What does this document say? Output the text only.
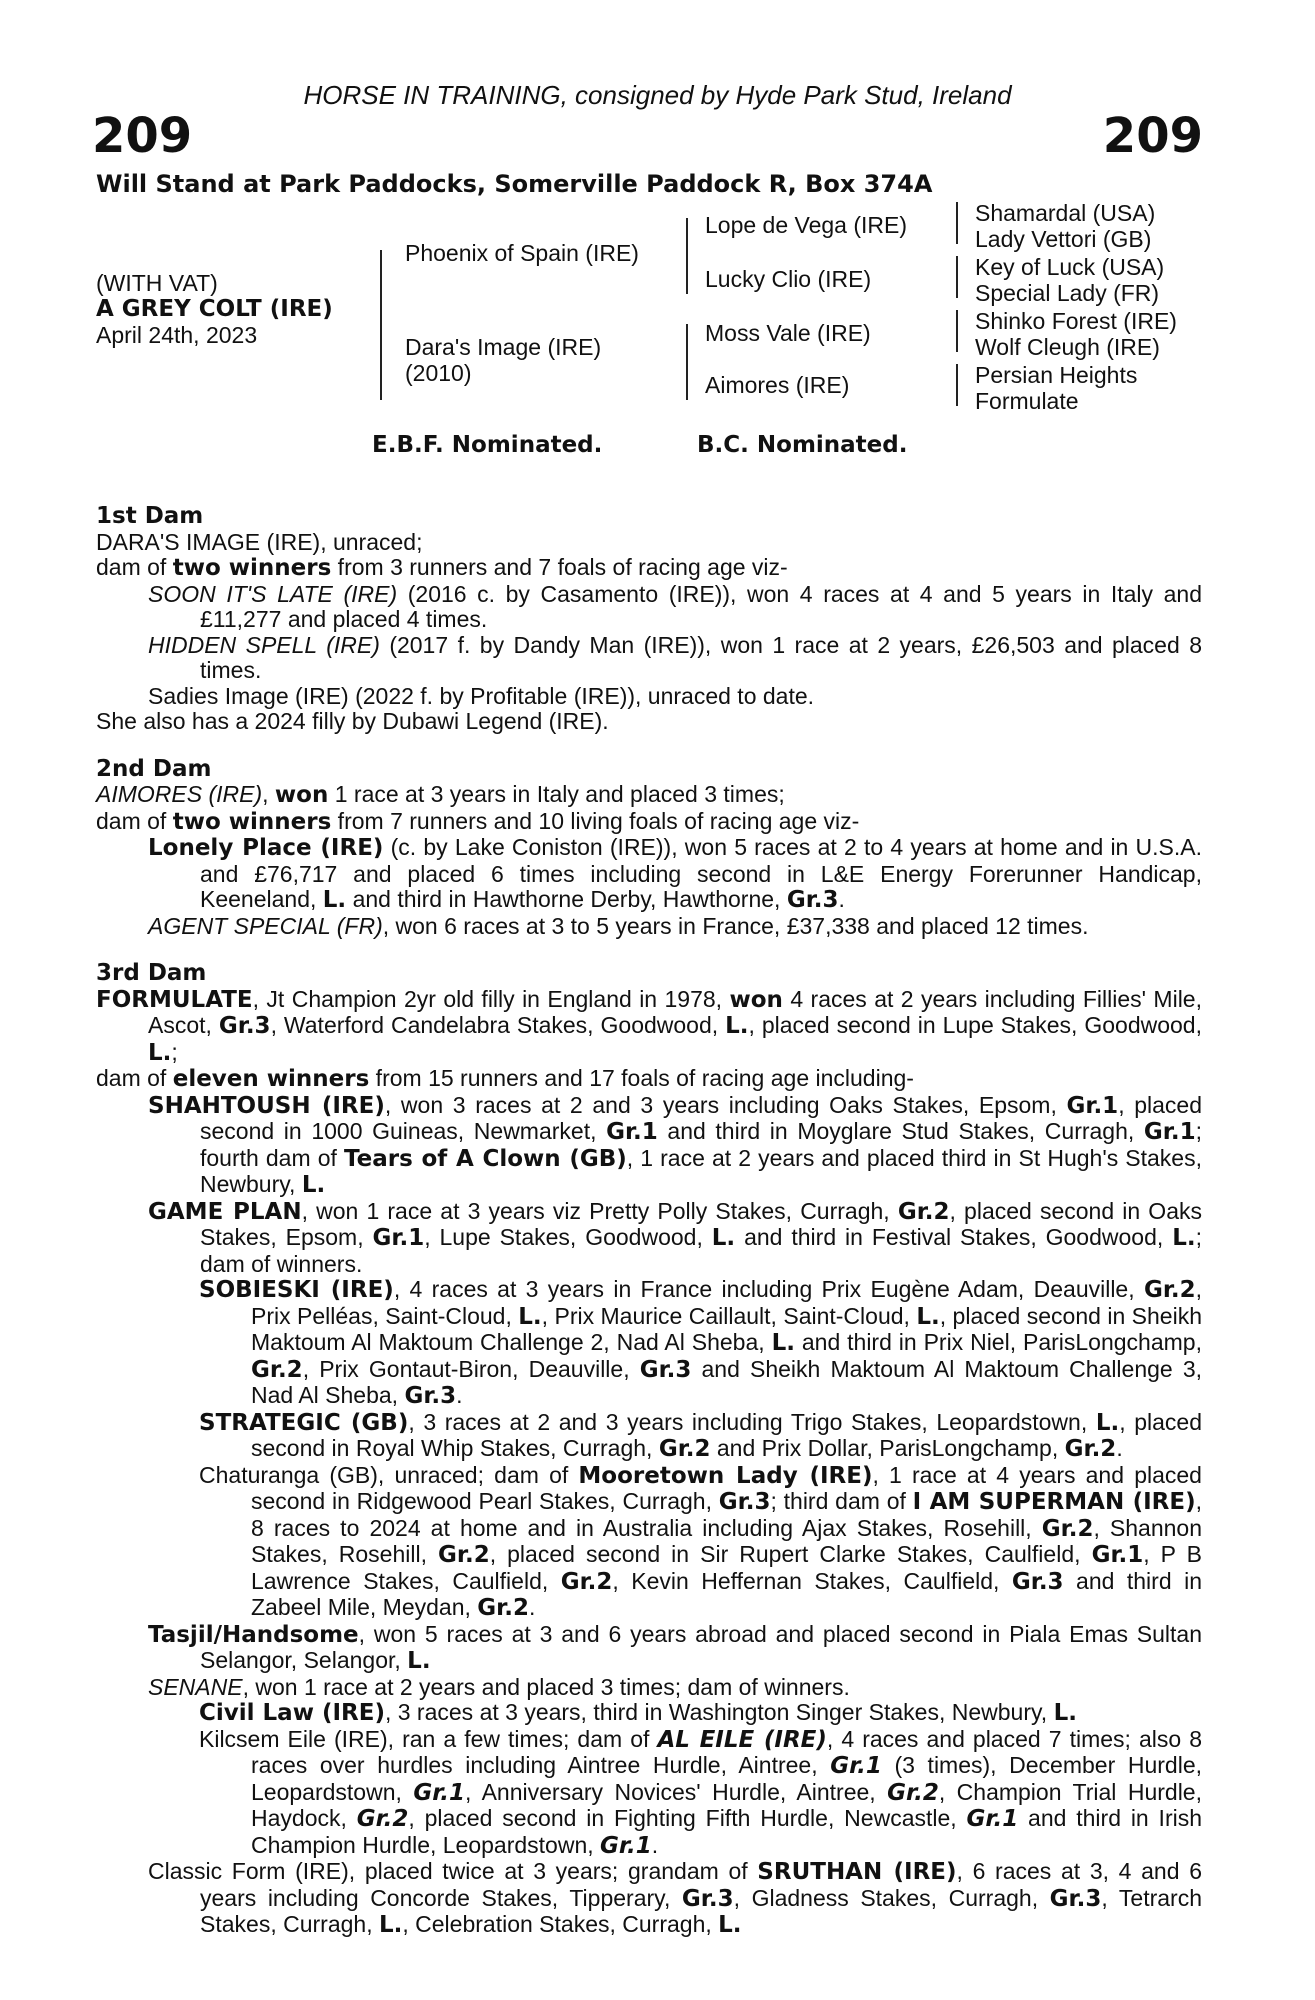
HORSE IN TRAINING, consigned by Hyde Park Stud, Ireland
209	209
Will Stand at Park Paddocks, Somerville Paddock R, Box 374A
(WITH VAT)
A GREY COLT (IRE)
April 24th, 2023
Phoenix of Spain (IRE)
Dara's Image (IRE)
(2010)
Lope de Vega (IRE)
Lucky Clio (IRE)
Moss Vale (IRE)
Aimores (IRE)
Shamardal (USA)
Lady Vettori (GB)
Key of Luck (USA)
Special Lady (FR)
Shinko Forest (IRE)
Wolf Cleugh (IRE)
Persian Heights
Formulate
E.B.F. Nominated.	B.C. Nominated.
1st Dam

DARA'S IMAGE (IRE), unraced;

dam of two winners from 3 runners and 7 foals of racing age viz-

SOON IT'S LATE (IRE) (2016 c. by Casamento (IRE)), won 4 races at 4 and 5 years in Italy and £11,277 and placed 4 times.

HIDDEN SPELL (IRE) (2017 f. by Dandy Man (IRE)), won 1 race at 2 years, £26,503 and placed 8 times.

Sadies Image (IRE) (2022 f. by Profitable (IRE)), unraced to date.

She also has a 2024 filly by Dubawi Legend (IRE).

2nd Dam

AIMORES (IRE), won 1 race at 3 years in Italy and placed 3 times;

dam of two winners from 7 runners and 10 living foals of racing age viz-

Lonely Place (IRE) (c. by Lake Coniston (IRE)), won 5 races at 2 to 4 years at home and in U.S.A. and £76,717 and placed 6 times including second in L&E Energy Forerunner Handicap, Keeneland, L. and third in Hawthorne Derby, Hawthorne, Gr.3.

AGENT SPECIAL (FR), won 6 races at 3 to 5 years in France, £37,338 and placed 12 times.

3rd Dam

FORMULATE, Jt Champion 2yr old filly in England in 1978, won 4 races at 2 years including Fillies' Mile, Ascot, Gr.3, Waterford Candelabra Stakes, Goodwood, L., placed second in Lupe Stakes, Goodwood, L.;

dam of eleven winners from 15 runners and 17 foals of racing age including-

SHAHTOUSH (IRE), won 3 races at 2 and 3 years including Oaks Stakes, Epsom, Gr.1, placed second in 1000 Guineas, Newmarket, Gr.1 and third in Moyglare Stud Stakes, Curragh, Gr.1; fourth dam of Tears of A Clown (GB), 1 race at 2 years and placed third in St Hugh's Stakes, Newbury, L.

GAME PLAN, won 1 race at 3 years viz Pretty Polly Stakes, Curragh, Gr.2, placed second in Oaks Stakes, Epsom, Gr.1, Lupe Stakes, Goodwood, L. and third in Festival Stakes, Goodwood, L.; dam of winners.

SOBIESKI (IRE), 4 races at 3 years in France including Prix Eugène Adam, Deauville, Gr.2, Prix Pelléas, Saint-Cloud, L., Prix Maurice Caillault, Saint-Cloud, L., placed second in Sheikh Maktoum Al Maktoum Challenge 2, Nad Al Sheba, L. and third in Prix Niel, ParisLongchamp, Gr.2, Prix Gontaut-Biron, Deauville, Gr.3 and Sheikh Maktoum Al Maktoum Challenge 3, Nad Al Sheba, Gr.3.

STRATEGIC (GB), 3 races at 2 and 3 years including Trigo Stakes, Leopardstown, L., placed second in Royal Whip Stakes, Curragh, Gr.2 and Prix Dollar, ParisLongchamp, Gr.2.

Chaturanga (GB), unraced; dam of Mooretown Lady (IRE), 1 race at 4 years and placed second in Ridgewood Pearl Stakes, Curragh, Gr.3; third dam of I AM SUPERMAN (IRE), 8 races to 2024 at home and in Australia including Ajax Stakes, Rosehill, Gr.2, Shannon Stakes, Rosehill, Gr.2, placed second in Sir Rupert Clarke Stakes, Caulfield, Gr.1, P B Lawrence Stakes, Caulfield, Gr.2, Kevin Heffernan Stakes, Caulfield, Gr.3 and third in Zabeel Mile, Meydan, Gr.2.

Tasjil/Handsome, won 5 races at 3 and 6 years abroad and placed second in Piala Emas Sultan Selangor, Selangor, L.

SENANE, won 1 race at 2 years and placed 3 times; dam of winners.

Civil Law (IRE), 3 races at 3 years, third in Washington Singer Stakes, Newbury, L.

Kilcsem Eile (IRE), ran a few times; dam of AL EILE (IRE), 4 races and placed 7 times; also 8 races over hurdles including Aintree Hurdle, Aintree, Gr.1 (3 times), December Hurdle, Leopardstown, Gr.1, Anniversary Novices' Hurdle, Aintree, Gr.2, Champion Trial Hurdle, Haydock, Gr.2, placed second in Fighting Fifth Hurdle, Newcastle, Gr.1 and third in Irish Champion Hurdle, Leopardstown, Gr.1.

Classic Form (IRE), placed twice at 3 years; grandam of SRUTHAN (IRE), 6 races at 3, 4 and 6 years including Concorde Stakes, Tipperary, Gr.3, Gladness Stakes, Curragh, Gr.3, Tetrarch Stakes, Curragh, L., Celebration Stakes, Curragh, L.
